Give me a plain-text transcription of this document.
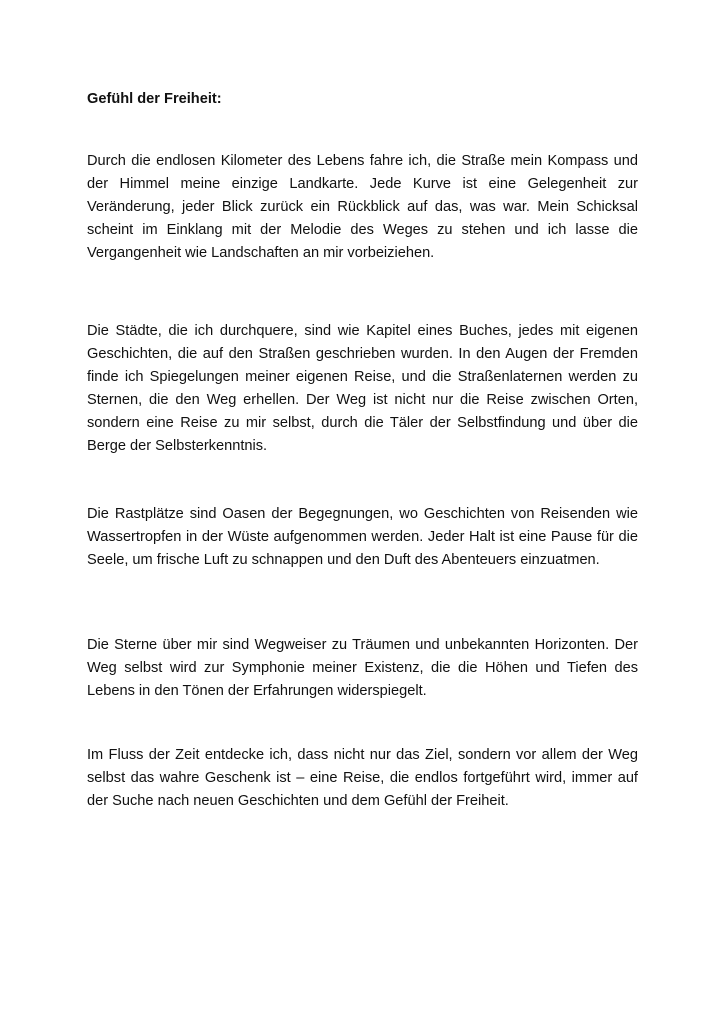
Gefühl der Freiheit:

Durch die endlosen Kilometer des Lebens fahre ich, die Straße mein Kompass und der Himmel meine einzige Landkarte. Jede Kurve ist eine Gelegenheit zur Veränderung, jeder Blick zurück ein Rückblick auf das, was war. Mein Schicksal scheint im Einklang mit der Melodie des Weges zu stehen und ich lasse die Vergangenheit wie Landschaften an mir vorbeiziehen.

Die Städte, die ich durchquere, sind wie Kapitel eines Buches, jedes mit eigenen Geschichten, die auf den Straßen geschrieben wurden. In den Augen der Fremden finde ich Spiegelungen meiner eigenen Reise, und die Straßenlaternen werden zu Sternen, die den Weg erhellen. Der Weg ist nicht nur die Reise zwischen Orten, sondern eine Reise zu mir selbst, durch die Täler der Selbstfindung und über die Berge der Selbsterkenntnis.

Die Rastplätze sind Oasen der Begegnungen, wo Geschichten von Reisenden wie Wassertropfen in der Wüste aufgenommen werden. Jeder Halt ist eine Pause für die Seele, um frische Luft zu schnappen und den Duft des Abenteuers einzuatmen.

Die Sterne über mir sind Wegweiser zu Träumen und unbekannten Horizonten. Der Weg selbst wird zur Symphonie meiner Existenz, die die Höhen und Tiefen des Lebens in den Tönen der Erfahrungen widerspiegelt.

Im Fluss der Zeit entdecke ich, dass nicht nur das Ziel, sondern vor allem der Weg selbst das wahre Geschenk ist – eine Reise, die endlos fortgeführt wird, immer auf der Suche nach neuen Geschichten und dem Gefühl der Freiheit.
